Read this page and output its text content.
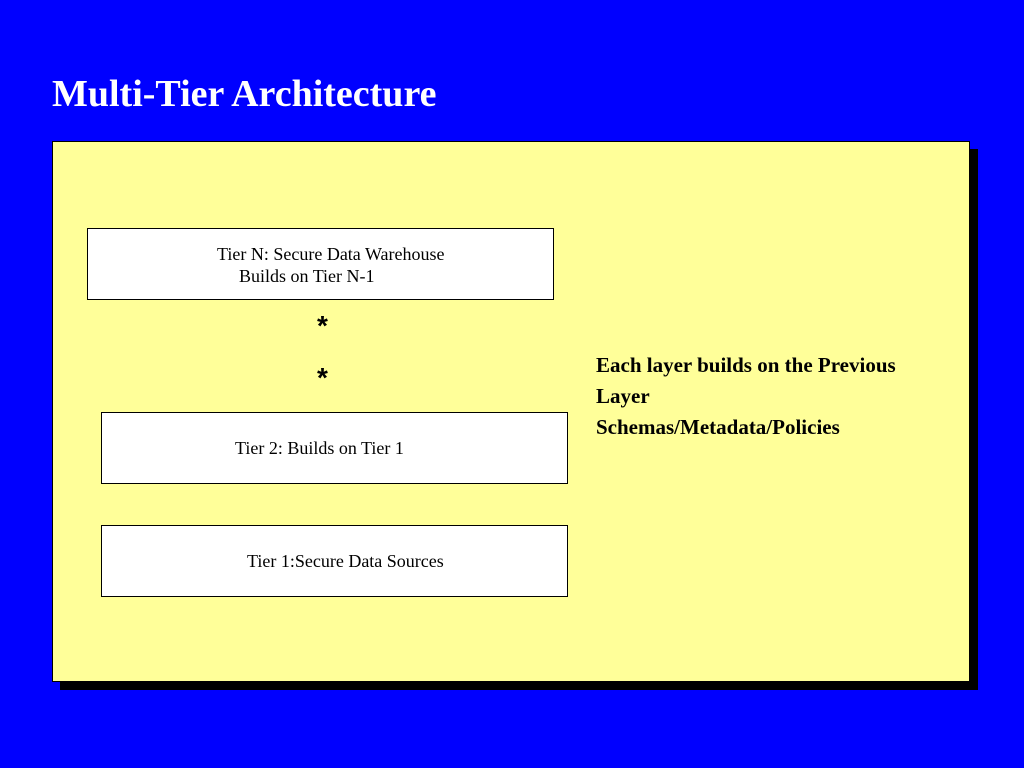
Multi-Tier Architecture
Tier N: Secure Data Warehouse
Builds on Tier N-1
*
*
Tier 2: Builds on Tier 1
Tier 1:Secure Data Sources
Each layer builds on the Previous
Layer
Schemas/Metadata/Policies
